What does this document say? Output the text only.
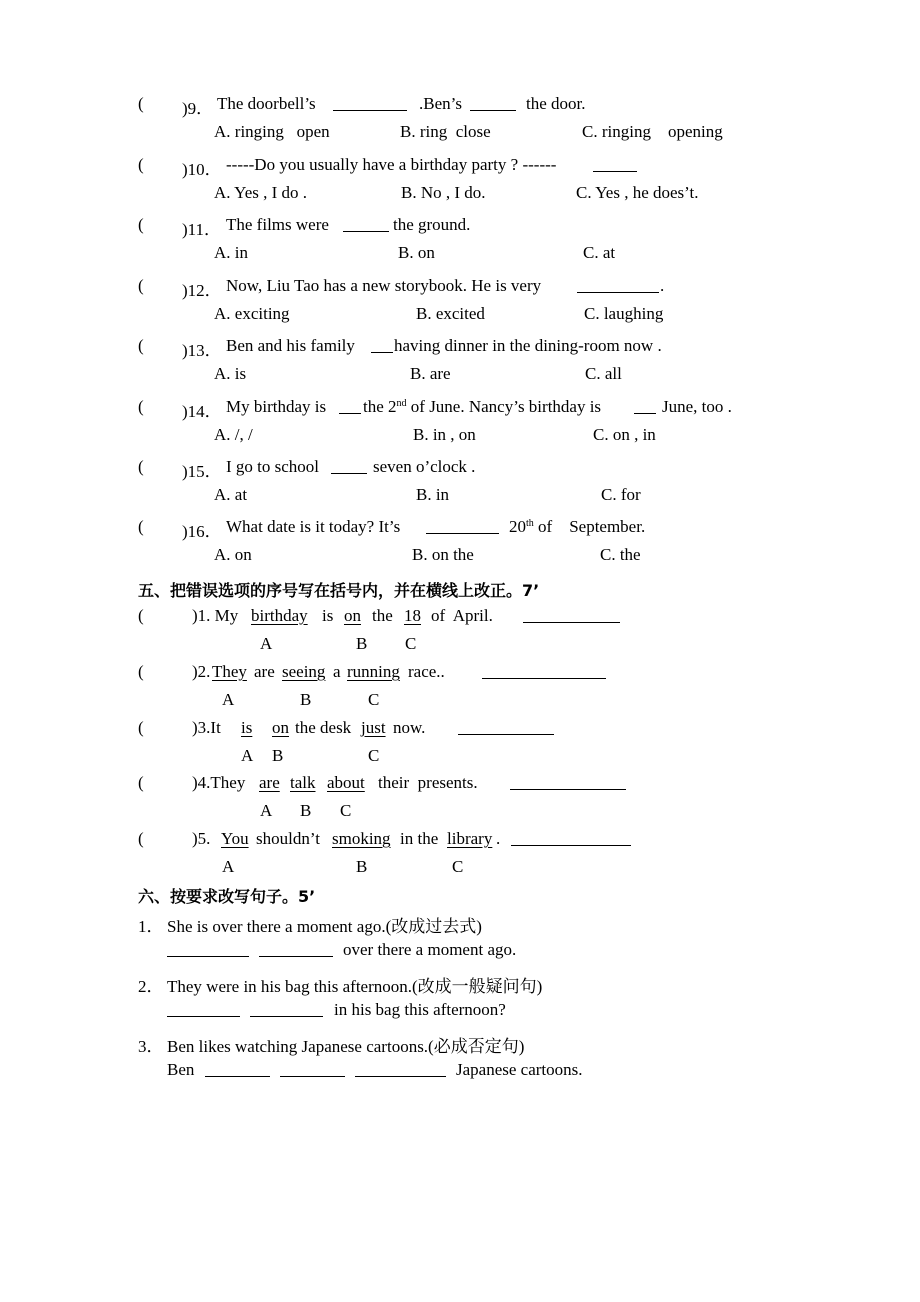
( )9． The doorbell’s	.Ben’s	the door.
A. ringing   open	B. ring  close	C. ringing    opening
( )10． -----Do you usually have a birthday party ? ------
A. Yes , I do .	B. No , I do.	C. Yes , he does’t.
( )11． The films were	the ground.
A. in	B. on	C. at
( )12． Now, Liu Tao has a new storybook. He is very	.
A. exciting	B. excited	C. laughing
( )13． Ben and his family having dinner in the dining-room now .
A. is	B. are	C. all
( )14． My birthday is the 2nd of June. Nancy’s birthday is	June, too .
A. /, /	B. in , on	C. on , in
( )15． I go to school	seven o’clock .
A. at	B. in	C. for
( )16． What date is it today? It’s	20th of    September.
A. on	B. on the	C. the
五、把错误选项的序号写在括号内，并在横线上改正。7’
(	)1. My birthday is on the 18 of  April.
A	B C
(	)2. They are seeing a running race..
A	B	C
(	)3.It is on the desk just now.
A B	C
(	)4.They are talk about their  presents.
A B C
(	)5. You shouldn’t smoking in the library .
A	B	C
六、按要求改写句子。5’
1． She is over there a moment ago.(改成过去式)
over there a moment ago.
2． They were in his bag this afternoon.(改成一般疑问句)
in his bag this afternoon?
3． Ben likes watching Japanese cartoons.(必成否定句)
Ben	Japanese cartoons.
